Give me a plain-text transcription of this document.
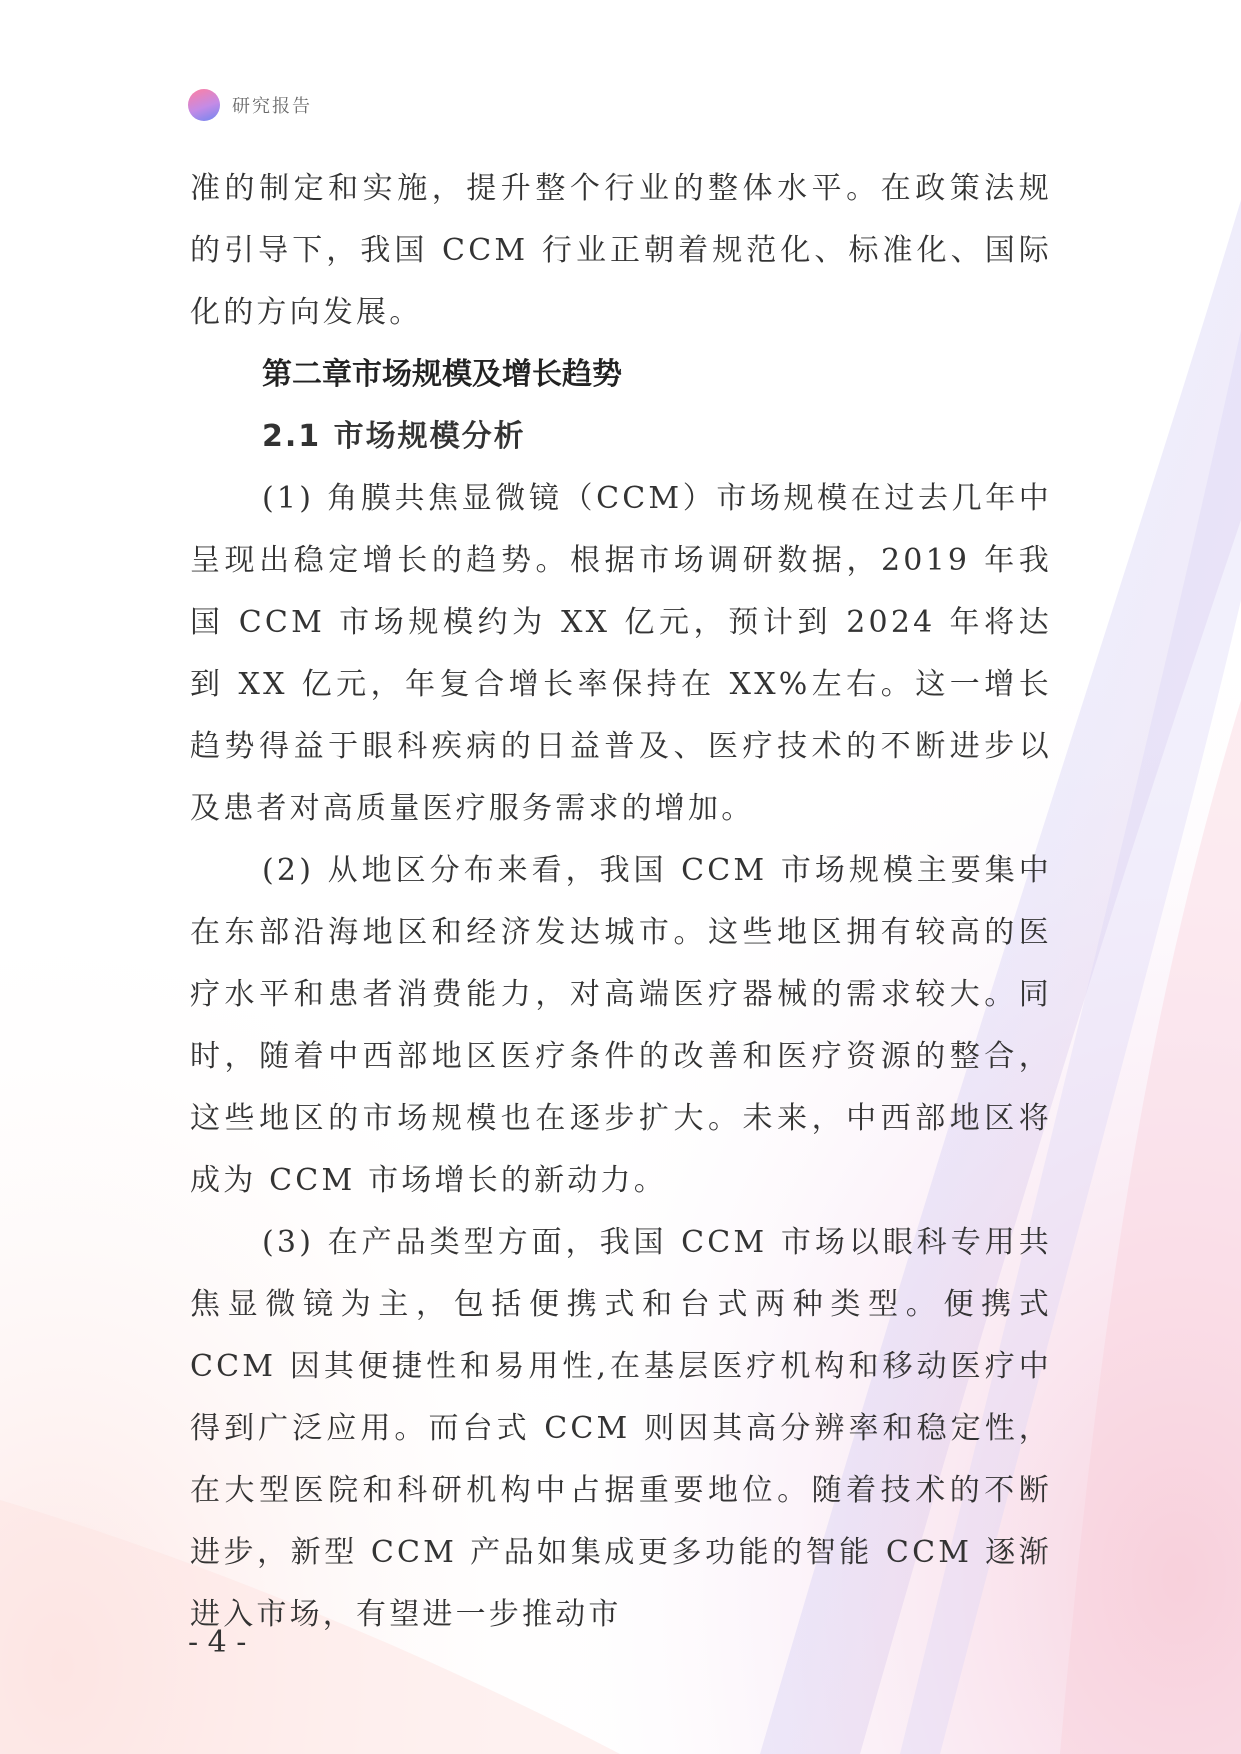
研究报告

准的制定和实施，提升整个行业的整体水平。在政策法规的引导下，我国 CCM 行业正朝着规范化、标准化、国际化的方向发展。

第二章市场规模及增长趋势
2.1 市场规模分析

(1) 角膜共焦显微镜（CCM）市场规模在过去几年中呈现出稳定增长的趋势。根据市场调研数据，2019 年我国 CCM 市场规模约为 XX 亿元，预计到 2024 年将达到 XX 亿元，年复合增长率保持在 XX%左右。这一增长趋势得益于眼科疾病的日益普及、医疗技术的不断进步以及患者对高质量医疗服务需求的增加。

(2) 从地区分布来看，我国 CCM 市场规模主要集中在东部沿海地区和经济发达城市。这些地区拥有较高的医疗水平和患者消费能力，对高端医疗器械的需求较大。同时，随着中西部地区医疗条件的改善和医疗资源的整合，这些地区的市场规模也在逐步扩大。未来，中西部地区将成为 CCM 市场增长的新动力。

(3) 在产品类型方面，我国 CCM 市场以眼科专用共焦显微镜为主，包括便携式和台式两种类型。便携式 CCM 因其便捷性和易用性,在基层医疗机构和移动医疗中得到广泛应用。而台式 CCM 则因其高分辨率和稳定性，在大型医院和科研机构中占据重要地位。随着技术的不断进步，新型 CCM 产品如集成更多功能的智能 CCM 逐渐进入市场，有望进一步推动市

- 4 -
